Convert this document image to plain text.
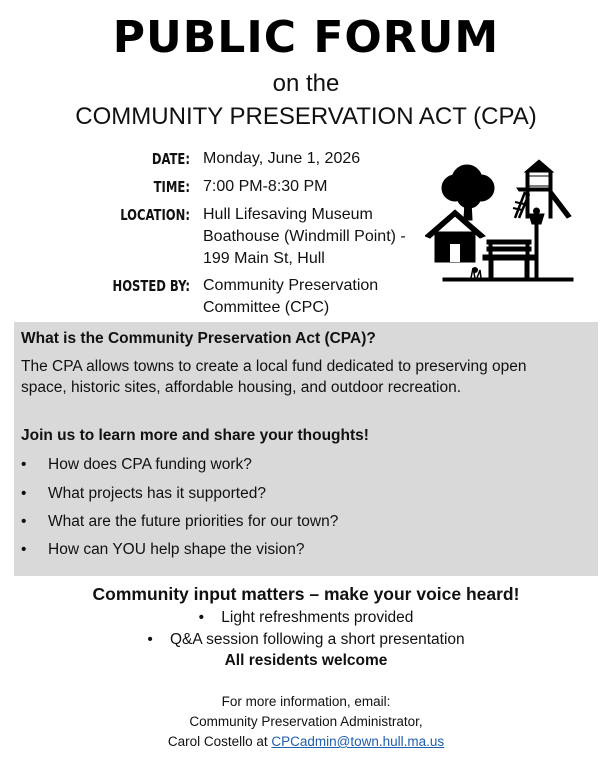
PUBLIC FORUM
on the
COMMUNITY PRESERVATION ACT (CPA)
DATE: Monday, June 1, 2026
TIME: 7:00 PM-8:30 PM
LOCATION: Hull Lifesaving Museum
Boathouse (Windmill Point) -
199 Main St, Hull
HOSTED BY: Community Preservation
Committee (CPC)
What is the Community Preservation Act (CPA)?
The CPA allows towns to create a local fund dedicated to preserving open
space, historic sites, affordable housing, and outdoor recreation.
Join us to learn more and share your thoughts!
• How does CPA funding work?
• What projects has it supported?
• What are the future priorities for our town?
• How can YOU help shape the vision?
Community input matters – make your voice heard!
•    Light refreshments provided
•    Q&A session following a short presentation
All residents welcome
For more information, email:
Community Preservation Administrator,
Carol Costello at CPCadmin@town.hull.ma.us
